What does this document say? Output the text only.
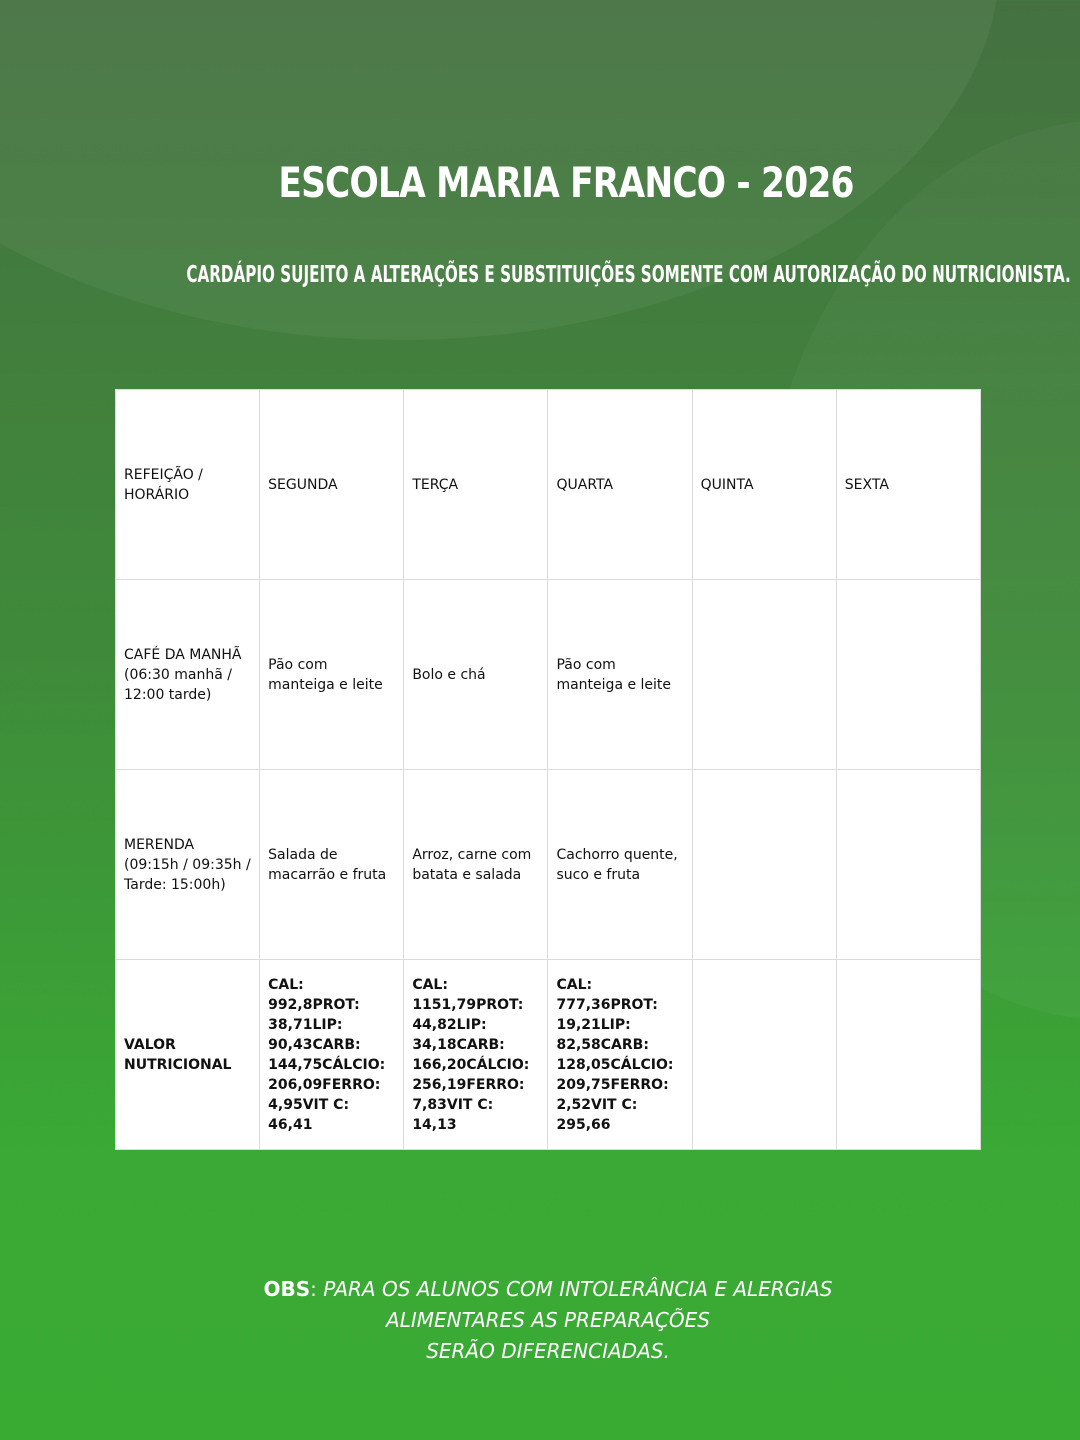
ESCOLA MARIA FRANCO - 2026
CARDÁPIO SUJEITO A ALTERAÇÕES E SUBSTITUIÇÕES SOMENTE COM AUTORIZAÇÃO DO NUTRICIONISTA.
REFEIÇÃO / HORÁRIO	SEGUNDA	TERÇA	QUARTA	QUINTA	SEXTA
CAFÉ DA MANHÃ (06:30 manhã / 12:00 tarde)	Pão com manteiga e leite	Bolo e chá	Pão com manteiga e leite		
MERENDA (09:15h / 09:35h / Tarde: 15:00h)	Salada de macarrão e fruta	Arroz, carne com batata e salada	Cachorro quente, suco e fruta		
VALOR NUTRICIONAL	CAL: 992,8PROT: 38,71LIP: 90,43CARB: 144,75CÁLCIO: 206,09FERRO: 4,95VIT C: 46,41	CAL: 1151,79PROT: 44,82LIP: 34,18CARB: 166,20CÁLCIO: 256,19FERRO: 7,83VIT C: 14,13	CAL: 777,36PROT: 19,21LIP: 82,58CARB: 128,05CÁLCIO: 209,75FERRO: 2,52VIT C: 295,66		
OBS: PARA OS ALUNOS COM INTOLERÂNCIA E ALERGIAS
ALIMENTARES AS PREPARAÇÕES
SERÃO DIFERENCIADAS.
